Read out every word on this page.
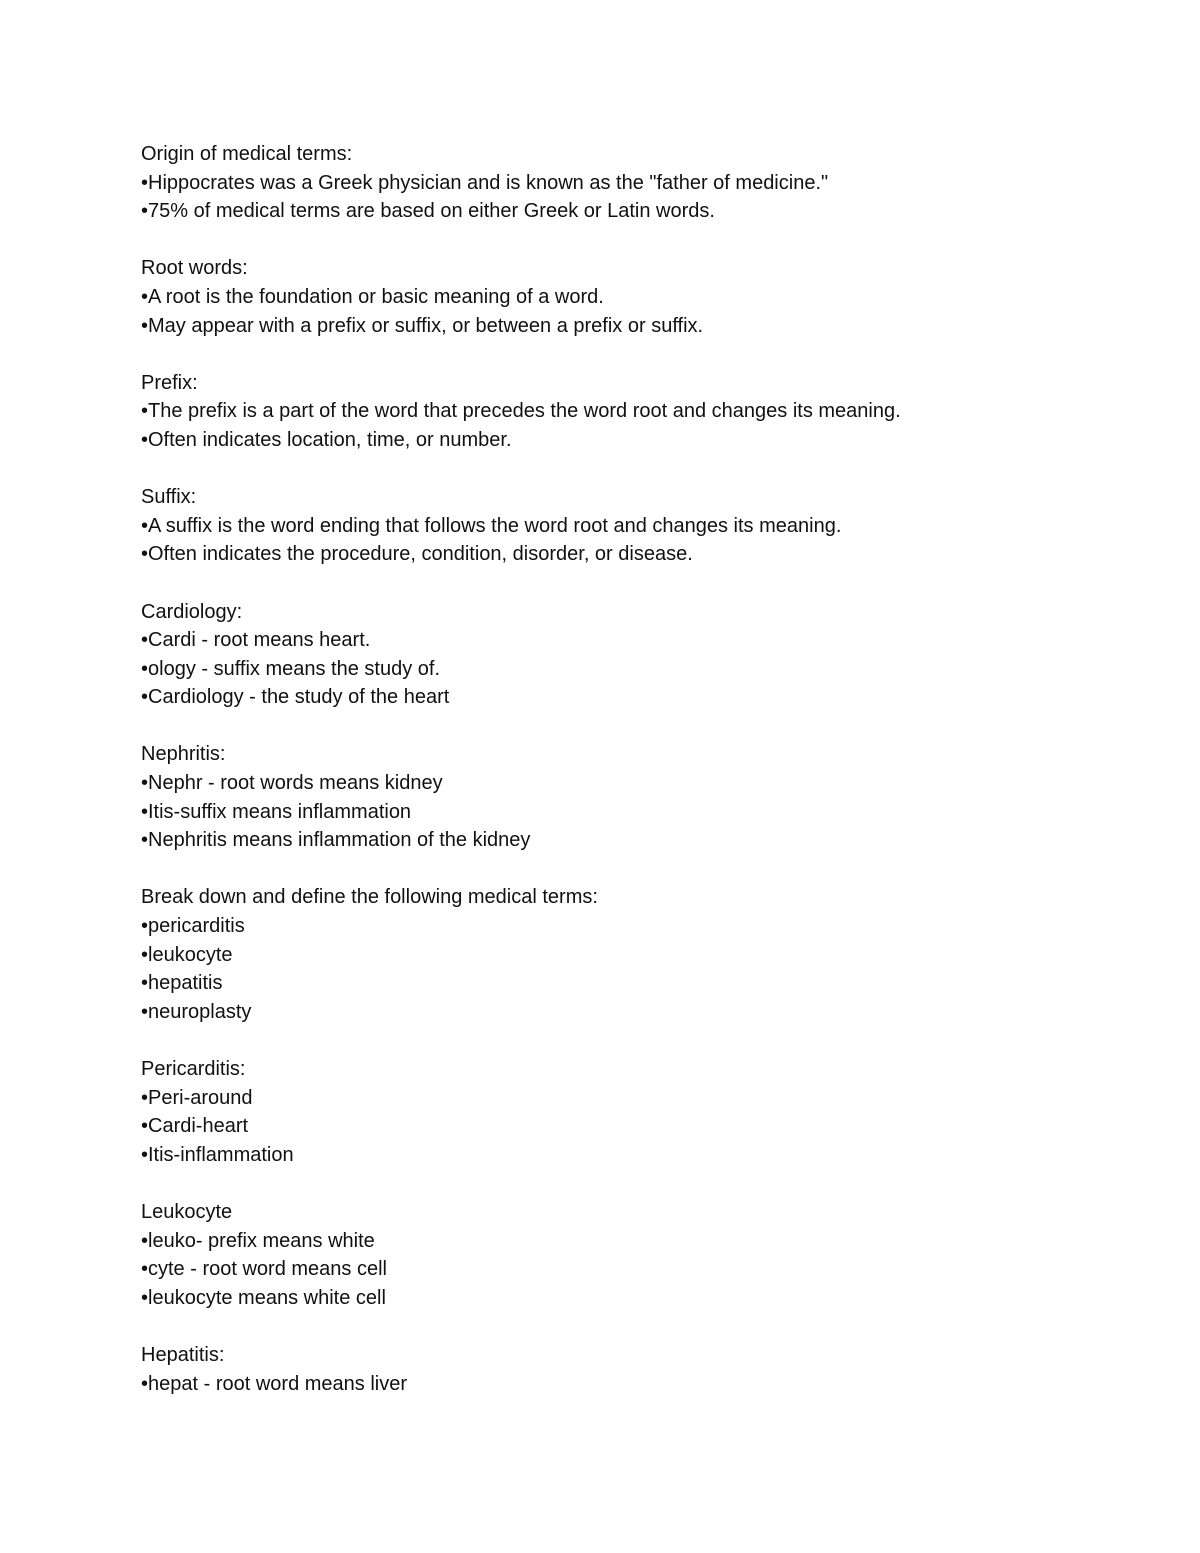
Origin of medical terms:

•Hippocrates was a Greek physician and is known as the "father of medicine."

•75% of medical terms are based on either Greek or Latin words.

Root words:

•A root is the foundation or basic meaning of a word.

•May appear with a prefix or suffix, or between a prefix or suffix.

Prefix:

•The prefix is a part of the word that precedes the word root and changes its meaning.

•Often indicates location, time, or number.

Suffix:

•A suffix is the word ending that follows the word root and changes its meaning.

•Often indicates the procedure, condition, disorder, or disease.

Cardiology:

•Cardi - root means heart.

•ology - suffix means the study of.

•Cardiology - the study of the heart

Nephritis:

•Nephr - root words means kidney

•Itis-suffix means inflammation

•Nephritis means inflammation of the kidney

Break down and define the following medical terms:

•pericarditis

•leukocyte

•hepatitis

•neuroplasty

Pericarditis:

•Peri-around

•Cardi-heart

•Itis-inflammation

Leukocyte

•leuko- prefix means white

•cyte - root word means cell

•leukocyte means white cell

Hepatitis:

•hepat - root word means liver
